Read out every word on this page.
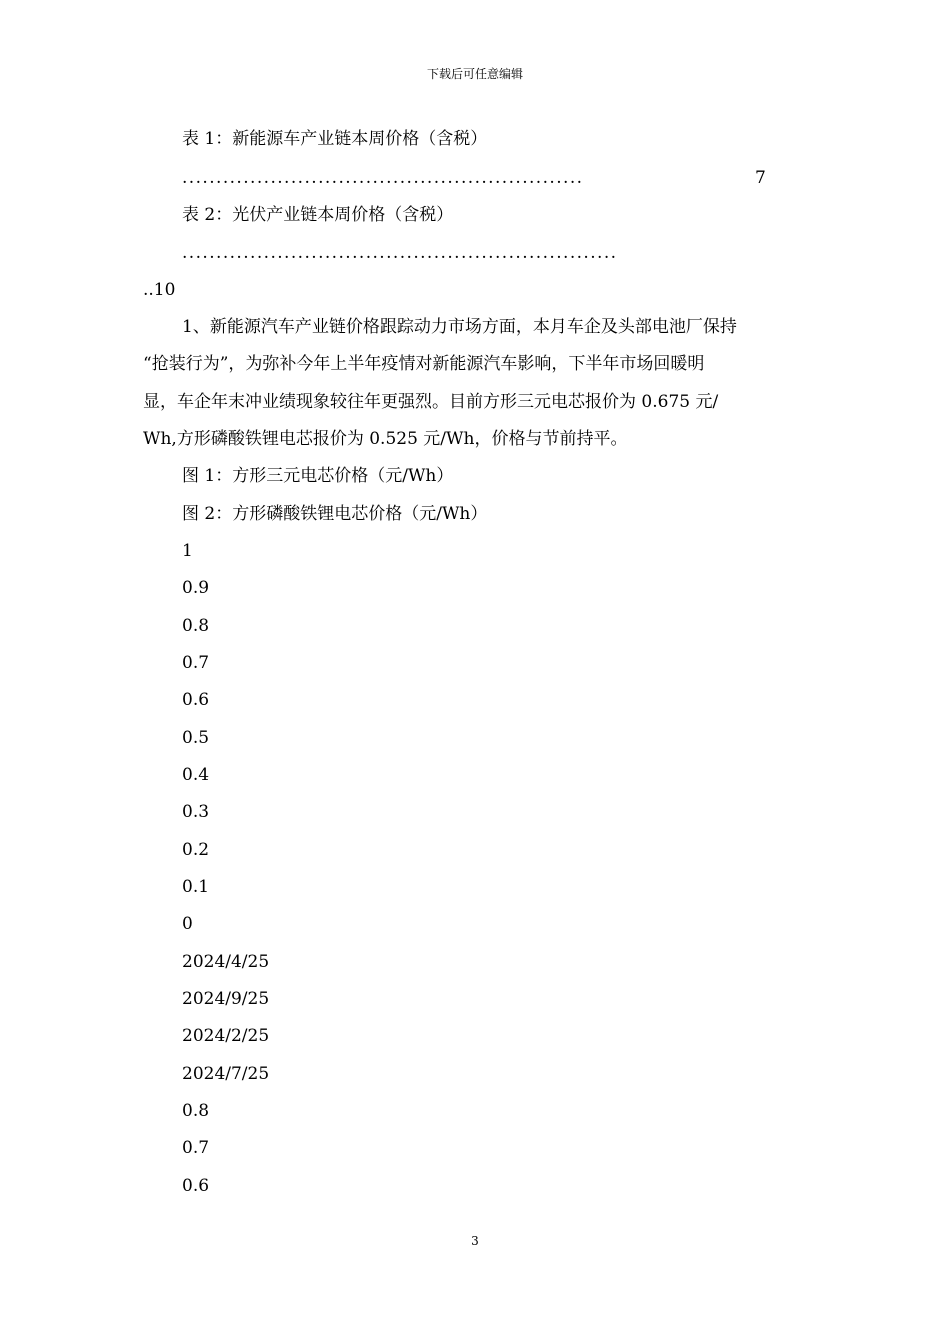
下载后可任意编辑
表 1：新能源车产业链本周价格（含税）
...........................................................	7
表 2：光伏产业链本周价格（含税）
................................................................
..10
1、新能源汽车产业链价格跟踪动力市场方面，本月车企及头部电池厂保持
“抢装行为”，为弥补今年上半年疫情对新能源汽车影响，下半年市场回暖明
显，车企年末冲业绩现象较往年更强烈。目前方形三元电芯报价为 0.675 元/
Wh,方形磷酸铁锂电芯报价为 0.525 元/Wh，价格与节前持平。
图 1：方形三元电芯价格（元/Wh）
图 2：方形磷酸铁锂电芯价格（元/Wh）
1
0.9
0.8
0.7
0.6
0.5
0.4
0.3
0.2
0.1
0
2024/4/25
2024/9/25
2024/2/25
2024/7/25
0.8
0.7
0.6
3
